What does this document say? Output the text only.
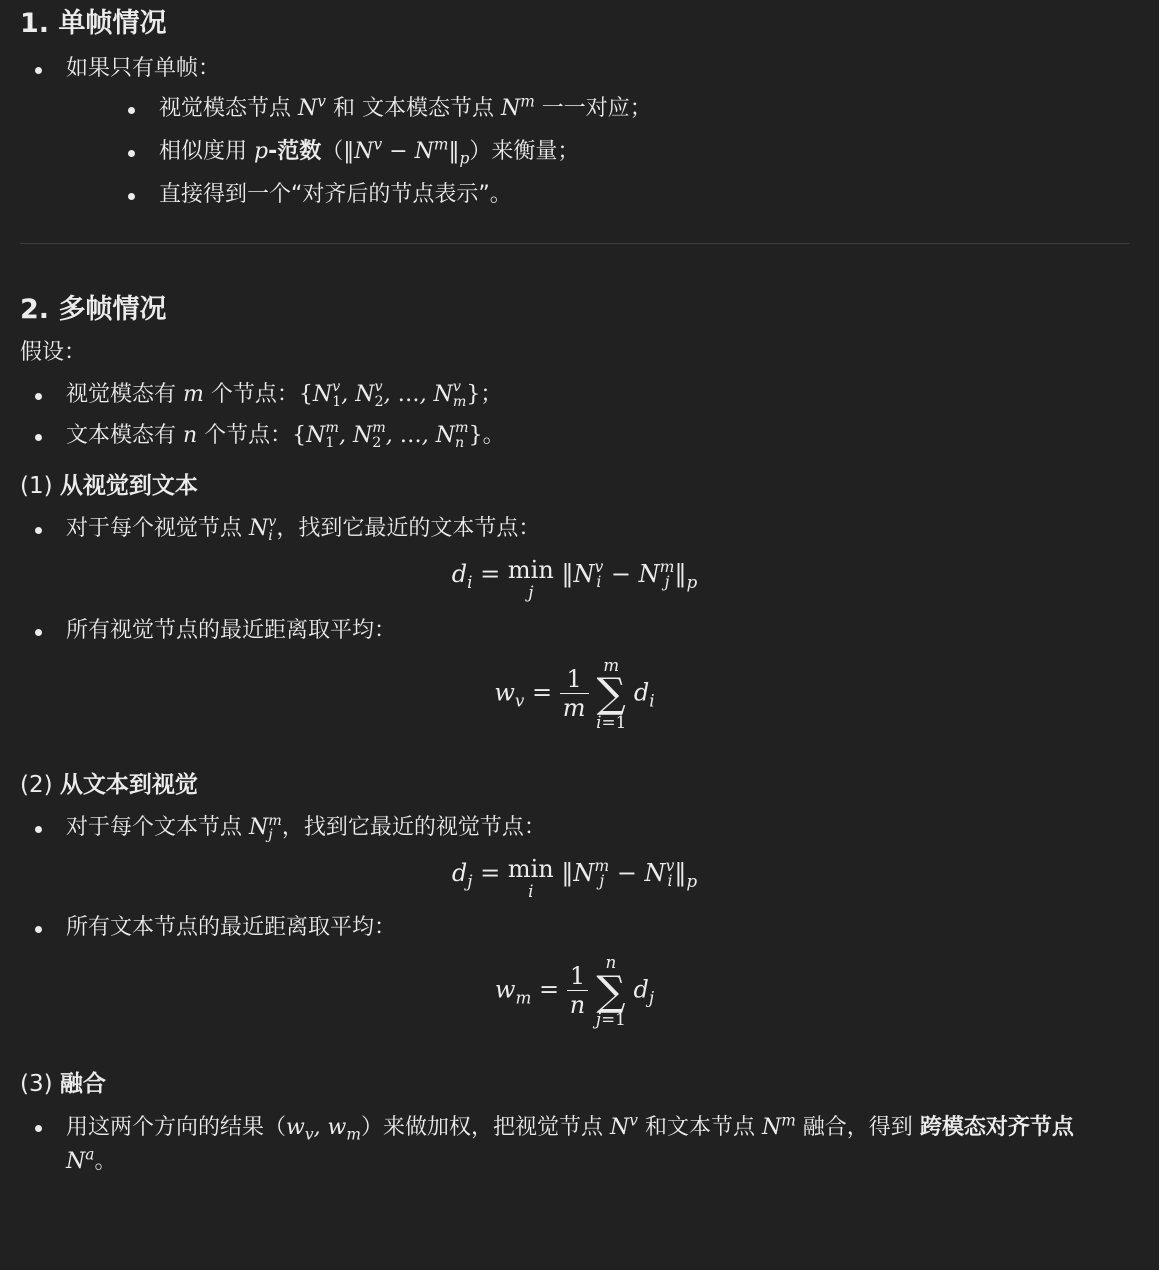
1. 单帧情况
如果只有单帧：
视觉模态节点 $N^v$ 和 文本模态节点 $N^m$ 一一对应；
相似度用 p-范数（$‖N^v$ − $N^m‖_p$）来衡量；
直接得到一个“对齐后的节点表示”。
2. 多帧情况
假设：
视觉模态有 m 个节点：{N v
1 , N v
2 , …, N v
m }；
文本模态有 n 个节点：{N m
1 , N m
2 , …, N m
n }。
(1) 从视觉到文本
对于每个视觉节点 N v
i ，找到它最近的文本节点：
$d_i = \min$
j
‖N v
i − N m
j $‖_p$
所有视觉节点的最近距离取平均：
$w_v = \frac{1}{m}$
m
∑
i=1
$d_i$
(2) 从文本到视觉
对于每个文本节点 N m
j ，找到它最近的视觉节点：
$d_j = \min$
i
‖N m
j − N v
i $‖_p$
所有文本节点的最近距离取平均：
$w_m = \frac{1}{n}$
	n
∑
j=1
$d_j$
(3) 融合
用这两个方向的结果（$w_v$, $w_m$）来做加权，把视觉节点 $N^v$ 和文本节点 $N^m$ 融合，得到 跨模态对齐节点 $N^a$。
